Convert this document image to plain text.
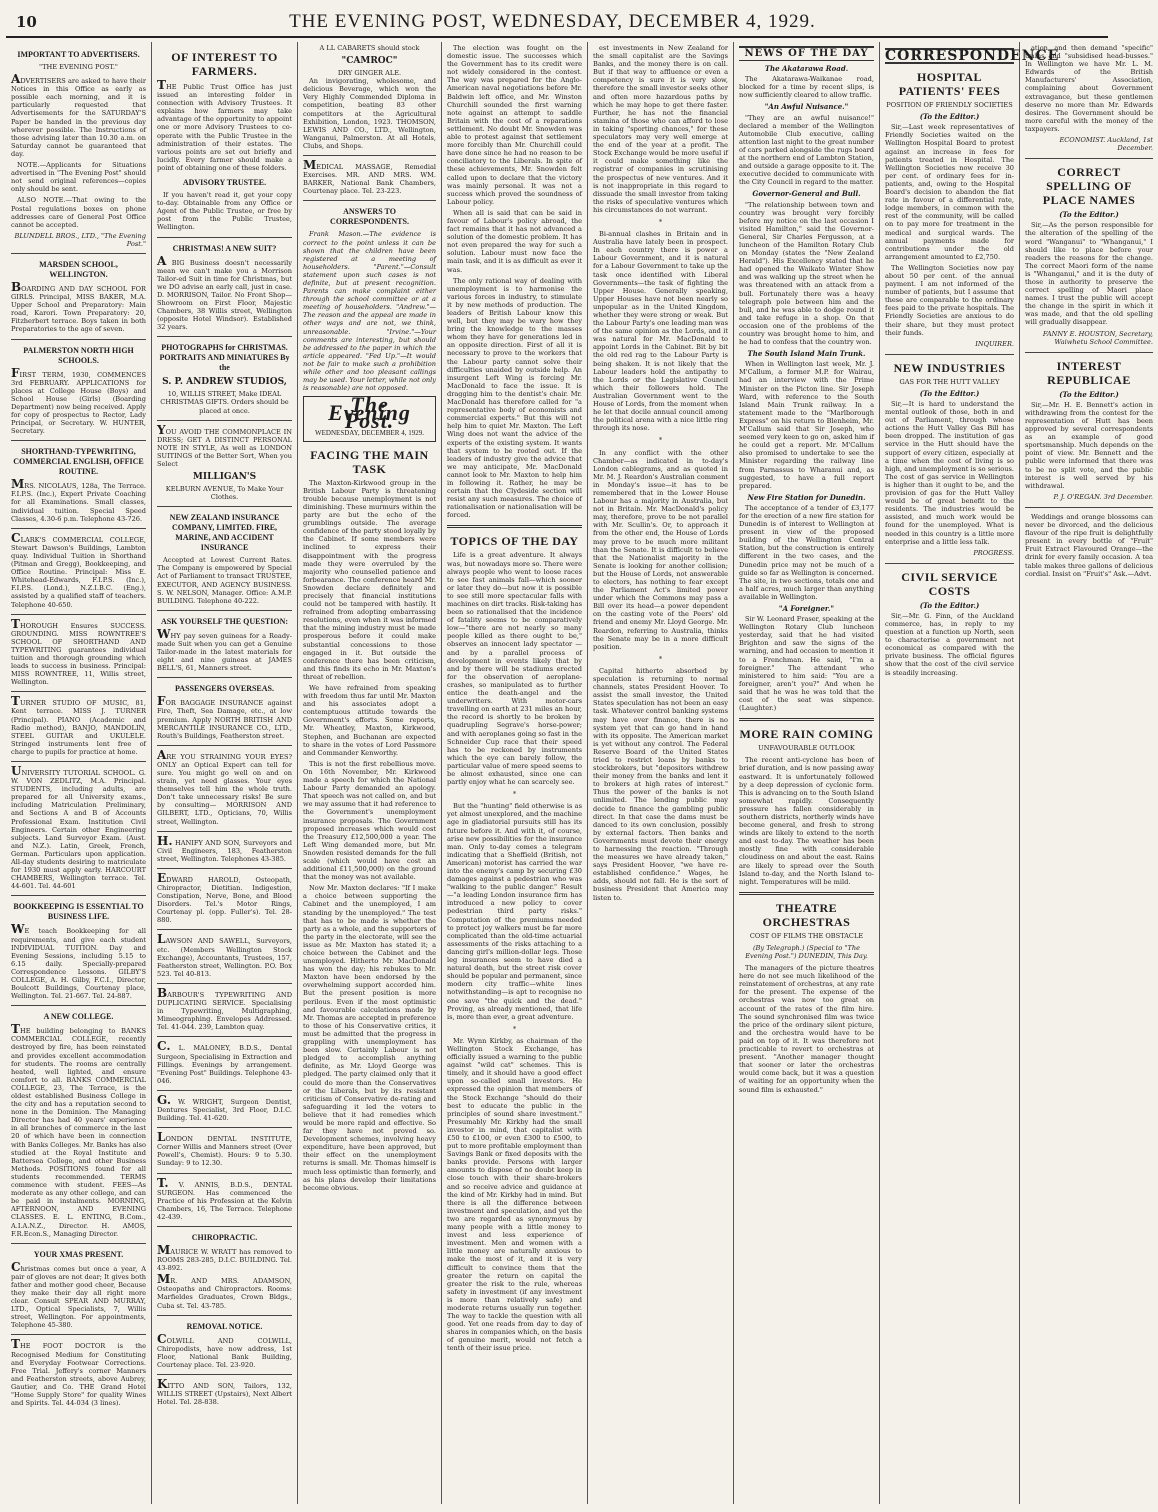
10	THE EVENING POST, WEDNESDAY, DECEMBER 4, 1929.
IMPORTANT TO ADVERTISERS.
"THE EVENING POST."

ADVERTISERS are asked to have their Notices in this Office as early as possible each morning, and it is particularly requested that Advertisements for the SATURDAY'S Paper be handed in the previous day wherever possible. The Instructions of those advising later than 10.30 a.m. on Saturday cannot be guaranteed that day.

NOTE.—Applicants for Situations advertised in "The Evening Post" should not send original references—copies only should be sent.

ALSO NOTE.—That owing to the Postal regulations boxes on phone addresses care of General Post Office cannot be accepted.

BLUNDELL BROS., LTD., "The Evening Post."
MARSDEN SCHOOL, WELLINGTON.

BOARDING AND DAY SCHOOL FOR GIRLS. Principal, MISS BAKER, M.A. Upper School and Preparatory: Main road, Karori. Town Preparatory: 20, Fitzherbert terrace. Boys taken in both Preparatories to the age of seven.

PALMERSTON NORTH HIGH SCHOOLS.

FIRST TERM, 1930, COMMENCES 3rd FEBRUARY. APPLICATIONS for places at College House (Boys) and School House (Girls) (Boarding Department) now being received. Apply for copy of prospectus to Rector, Lady Principal, or Secretary. W. HUNTER, Secretary.

SHORTHAND-TYPEWRITING, COMMERCIAL ENGLISH, OFFICE ROUTINE.

MRS. NICOLAUS, 128a, The Terrace. F.I.P.S. (Inc.), Expert Private Coaching for all Examinations. Small classes, individual tuition. Special Speed Classes, 4.30-6 p.m. Telephone 43-726.

CLARK'S COMMERCIAL COLLEGE, Stewart Dawson's Buildings, Lambton quay. Individual Tuition in Shorthand (Pitman and Gregg), Bookkeeping, and Office Routine. Principal: Miss E. Whitehead-Edwards, F.I.P.S. (Inc.), F.I.P.S. (Lond.), N.Z.I.B.C. (Eng.), assisted by a qualified staff of teachers. Telephone 40-650.

THOROUGH Ensures SUCCESS. GROUNDING. MISS ROWNTREE'S SCHOOL OF SHORTHAND AND TYPEWRITING guarantees individual tuition and thorough grounding which leads to success in business. Principal: MISS ROWNTREE, 11, Willis street, Wellington.

TURNER STUDIO OF MUSIC, 81, Kent terrace. MISS J. TURNER (Principal). PIANO (Academic and Radio method), BANJO, MANDOLIN, STEEL GUITAR and UKULELE. Stringed instruments lent free of charge to pupils for practice at home.

UNIVERSITY TUTORIAL SCHOOL. G. W. VON ZEDLITZ, M.A. Principal. STUDENTS, including adults, are prepared for all University exams., including Matriculation Preliminary, and Sections A and B of Accounts Professional Exam. Institution Civil Engineers. Certain other Engineering subjects. Land Surveyor Exam. (Aust. and N.Z.). Latin, Greek, French, German. Particulars upon application. All-day students desiring to matriculate for 1930 must apply early. HARCOURT CHAMBERS, Wellington terrace. Tel. 44-601. Tel. 44-601

BOOKKEEPING IS ESSENTIAL TO BUSINESS LIFE.

WE teach Bookkeeping for all requirements, and give each student INDIVIDUAL TUITION. Day and Evening Sessions, including 5.15 to 6.15 daily. Specially-prepared Correspondence Lessons. GILBY'S COLLEGE, A. H. Gilby, F.C.I., Director, Boulcott Buildings, Courtenay place, Wellington. Tel. 21-667. Tel. 24-887.

A NEW COLLEGE.

THE building belonging to BANKS COMMERCIAL COLLEGE, recently destroyed by fire, has been reinstated and provides excellent accommodation for students. The rooms are centrally heated, well lighted, and ensure comfort to all. BANKS COMMERCIAL COLLEGE, 23, The Terrace, is the oldest established Business College in the city and has a reputation second to none in the Dominion. The Managing Director has had 40 years' experience in all branches of commerce in the last 20 of which have been in connection with Banks Colleges. Mr. Banks has also studied at the Royal Institute and Battersea College, and other Business Methods. POSITIONS found for all students recommended. TERMS commence with student. FEES—As moderate as any other college, and can be paid in instalments. MORNING, AFTERNOON, AND EVENING CLASSES. E. L. ENTING, B.Com., A.I.A.N.Z., Director. H. AMOS, F.R.Econ.S., Managing Director.

YOUR XMAS PRESENT.

Christmas comes but once a year, A pair of gloves are not dear; It gives both father and mother good cheer, Because they make their day all right more clear. Consult SPEAR AND MURRAY, LTD., Optical Specialists, 7, Willis street, Wellington. For appointments, Telephone 45-380.

THE FOOT DOCTOR is the Recognised Medium for Constituting and Everyday Footwear Corrections. Free Trial. Jeffery's corner Manners and Featherston streets, above Aubrey, Gautier, and Co. THE Grand Hotel "Home Supply Store" for quality Wines and Spirits. Tel. 44-034 (3 lines).

OF INTEREST TO FARMERS.

THE Public Trust Office has just issued an interesting folder in connection with Advisory Trustees. It explains how farmers may take advantage of the opportunity to appoint one or more Advisory Trustees to co-operate with the Public Trustee in the administration of their estates. The various points are set out briefly and lucidly. Every farmer should make a point of obtaining one of these folders.

ADVISORY TRUSTEE.

If you haven't read it, get your copy to-day. Obtainable from any Office or Agent of the Public Trustee, or free by post from the Public Trustee, Wellington.

CHRISTMAS! A NEW SUIT?

A BIG Business doesn't necessarily mean we can't make you a Morrison Tailor-ed Suit in time for Christmas, but we DO advise an early call, just in case. D. MORRISON, Tailor. No Front Shop—Showroom on First Floor, Majestic Chambers, 38 Willis street, Wellington (opposite Hotel Windsor). Established 32 years.

PHOTOGRAPHS for CHRISTMAS. PORTRAITS AND MINIATURES By the
S. P. ANDREW STUDIOS,

10, WILLIS STREET, Make IDEAL CHRISTMAS GIFTS. Orders should be placed at once.

YOU AVOID THE COMMONPLACE IN DRESS; GET A DISTINCT PERSONAL NOTE IN STYLE, As well as LONDON SUITINGS of the Better Sort, When you Select

MILLIGAN'S

KELBURN AVENUE, To Make Your Clothes.

NEW ZEALAND INSURANCE COMPANY, LIMITED. FIRE, MARINE, AND ACCIDENT INSURANCE

Accepted at Lowest Current Rates. The Company is empowered by Special Act of Parliament to transact TRUSTEE, EXECUTOR, AND AGENCY BUSINESS. S. W. NELSON, Manager. Office: A.M.P. BUILDING. Telephone 40-222.

ASK YOURSELF THE QUESTION:

WHY pay seven guineas for a Ready-made Suit when you can get a Genuine Tailor-made in the latest materials for eight and nine guineas at JAMES BELL'S, 61, Manners street.

PASSENGERS OVERSEAS.

FOR BAGGAGE INSURANCE against Fire, Theft, Sea Damage, etc., at low premium. Apply NORTH BRITISH AND MERCANTILE INSURANCE CO., LTD., Routh's Buildings, Featherston street.

ARE YOU STRAINING YOUR EYES? ONLY an Optical Expert can tell for sure. You might go well on and on strain, yet need glasses. Your eyes themselves tell him the whole truth. Don't take unnecessary risks! Be sure by consulting— MORRISON AND GILBERT, LTD., Opticians, 70, Willis street, Wellington.

H. HANIFY AND SON, Surveyors and Civil Engineers, 183, Featherston street, Wellington. Telephones 43-385.

EDWARD HAROLD, Osteopath, Chiropractor, Dietitian. Indigestion, Constipation, Nerve, Bone, and Blood Disorders. Tel.'s Motor Rings, Courtenay pl. (opp. Fuller's). Tel. 28-880.

LAWSON AND SAWELL, Surveyors, etc. (Members Wellington Stock Exchange), Accountants, Trustees, 157, Featherston street, Wellington. P.O. Box 523. Tel 40-813.

BARBOUR'S TYPEWRITING AND DUPLICATING SERVICE. Specialising in Typewriting, Multigraphing, Mimeographing. Envelopes Addressed. Tel. 41-044. 239, Lambton quay.

C. L. MALONEY, B.D.S., Dental Surgeon, Specialising in Extraction and Fillings. Evenings by arrangement. "Evening Post" Buildings. Telephone 43-046.

G. W. WRIGHT, Surgeon Dentist, Dentures Specialist, 3rd Floor, D.I.C. Building. Tel. 41-620.

LONDON DENTAL INSTITUTE, Corner Willis and Manners street (Over Powell's, Chemist). Hours: 9 to 5.30. Sunday: 9 to 12.30.

T. V. ANNIS, B.D.S., DENTAL SURGEON. Has commenced the Practice of his Profession at the Kelvin Chambers, 16, The Terrace. Telephone 42-439.

CHIROPRACTIC.

MAURICE W. WRATT has removed to ROOMS 283-285, D.I.C. BUILDING. Tel. 43-892.

MR. AND MRS. ADAMSON, Osteopaths and Chiropractors. Rooms: Marfieldes Graduates, Crown Bldgs., Cuba st. Tel. 43-785.

REMOVAL NOTICE.

COLWILL AND COLWILL, Chiropodists, have now address, 1st Floor, National Bank Building, Courtenay place. Tel. 23-920.

KITTO AND SON, Tailors, 132, WILLIS STREET (Upstairs), Next Albert Hotel. Tel. 28-838.

A LL CABARETS should stock
"CAMROC"
DRY GINGER ALE.

An invigorating, wholesome, and delicious Beverage, which won the Very Highly Commended Diploma in competition, beating 83 other competitors at the Agricultural Exhibition, London, 1923. THOMSON, LEWIS AND CO., LTD., Wellington, Wanganui, Palmerston. At all Hotels, Clubs, and Shops.

MEDICAL MASSAGE, Remedial Exercises. MR. AND MRS. WM. BARKER, National Bank Chambers, Courtenay place. Tel. 23-223.

ANSWERS TO CORRESPONDENTS.

Frank Mason.—The evidence is correct to the point unless it can be shown that the children have been registered at a meeting of householders. "Parent."—Consult statement upon such cases is not definite, but at present recognition. Parents can make complaint either through the school committee or at a meeting of householders. "Andrew."—The reason and the appeal are made in other ways and are not, we think, unreasonable. "Irvine."—Your comments are interesting, but should be addressed to the paper in which the article appeared. "Fed Up."—It would not be fair to make such a prohibition while other and too pleasant callings may be used. Your letter, while not only is reasonable) are not opposed.

The Evening Post.
WEDNESDAY, DECEMBER 4, 1929.
FACING THE MAIN TASK

The Maxton-Kirkwood group in the British Labour Party is threatening trouble because unemployment is not diminishing. These murmurs within the party are but the echo of the grumblings outside. The average confidence of the party stood loyally by the Cabinet. If some members were inclined to express their disappointment with the progress made they were overruled by the majority who counselled patience and forbearance. The conference heard Mr. Snowden declare definitely and precisely that financial institutions could not be tampered with hastily. It refrained from adopting embarrassing resolutions, even when it was informed that the mining industry must be made prosperous before it could make substantial concessions to those engaged in it. But outside the conference there has been criticism, and this finds its echo in Mr. Maxton's threat of rebellion.

We have refrained from speaking with freedom thus far until Mr. Maxton and his associates adopt a contemptuous attitude towards the Government's efforts. Some reports, Mr. Wheatley, Maxton, Kirkwood, Stephen, and Buchanan are expected to share in the votes of Lord Passmore and Commander Kenworthy.

This is not the first rebellious move. On 16th November, Mr. Kirkwood made a speech for which the National Labour Party demanded an apology. That speech was not called on, and but we may assume that it had reference to the Government's unemployment insurance proposals. The Government proposed increases which would cost the Treasury £12,500,000 a year. The Left Wing demanded more, but Mr. Snowden resisted demands for the full scale (which would have cost an additional £11,500,000) on the ground that the money was not available.

Now Mr. Maxton declares: "If I make a choice between supporting the Cabinet and the unemployed, I am standing by the unemployed." The test that has to be made is whether the party as a whole, and the supporters of the party in the electorate, will see the issue as Mr. Maxton has stated it; a choice between the Cabinet and the unemployed. Hitherto Mr. MacDonald has won the day; his rebukes to Mr. Maxton have been endorsed by the overwhelming support accorded him. But the present position is more perilous. Even if the most optimistic and favourable calculations made by Mr. Thomas are accepted in preference to those of his Conservative critics, it must be admitted that the progress in grappling with unemployment has been slow. Certainly Labour is not pledged to accomplish anything definite, as Mr. Lloyd George was pledged. The party claimed only that it could do more than the Conservatives or the Liberals, but by its resistant criticism of Conservative de-rating and safeguarding it led the voters to believe that it had remedies which would be more rapid and effective. So far they have not proved so. Development schemes, involving heavy expenditure, have been approved, but their effect on the unemployment returns is small. Mr. Thomas himself is much less optimistic than formerly, and as his plans develop their limitations become obvious.

The election was fought on the domestic issue. The successes which the Government has to its credit were not widely considered in the contest. The way was prepared for the Anglo-American naval negotiations before Mr. Baldwin left office, and Mr. Winston Churchill sounded the first warning note against an attempt to saddle Britain with the cost of a reparations settlement. No doubt Mr. Snowden was able to protest against that settlement more forcibly than Mr. Churchill could have done since he had no reason to be conciliatory to the Liberals. In spite of these achievements, Mr. Snowden felt called upon to declare that the victory was mainly personal. It was not a success which proved the soundness of Labour policy.

When all is said that can be said in favour of Labour's policy abroad, the fact remains that it has not advanced a solution of the domestic problem. It has not even prepared the way for such a solution. Labour must now face the main task, and it is as difficult as ever it was.

The only rational way of dealing with unemployment is to harmonise the various forces in industry, to stimulate it by new methods of production. The leaders of British Labour know this well, but they may be wary how they bring the knowledge to the masses whom they have for generations led in an opposite direction. First of all it is necessary to prove to the workers that the Labour party cannot solve their difficulties unaided by outside help. An insurgent Left Wing is forcing Mr. MacDonald to face the issue. It is dragging him to the dentist's chair. Mr. MacDonald has therefore called for "a representative body of economists and commercial experts." But this will not help him to quiet Mr. Maxton. The Left Wing does not want the advice of the experts of the existing system. It wants that system to be rooted out. If the leaders of industry give the advice that we may anticipate, Mr. MacDonald cannot look to Mr. Maxton to help him in following it. Rather, he may be certain that the Clydeside section will resist any such measures. The choice of rationalisation or nationalisation will be forced.

TOPICS OF THE DAY

Life is a great adventure. It always was, but nowadays more so. There were always people who went to loose races to see fast animals fall—which sooner or later they do—but now it is possible to see still more spectacular falls with machines on dirt tracks. Risk-taking has been so rationalised that the incidence of fatality seems to be comparatively low—"there are not nearly so many people killed as there ought to be," observes an innocent lady spectator —and by a parallel process of development in events likely that by and by there will be stadiums erected for the observation of aeroplane-crashes, so manipulated as to further entice the death-angel and the underwriters. With motor-cars travelling on earth at 231 miles an hour, the record is shortly to be broken by quadrupling Segrave's horse-power; and with aeroplanes going so fast in the Schneider Cup race that their speed has to be reckoned by instruments which the eye can barely follow, the particular value of mere speed seems to be almost exhausted, since one can partly enjoy what he can scarcely see.

*

But the "hunting" field otherwise is as yet almost unexplored, and the machine age in gladiatorial pursuits still has its future before it. And with it, of course, arise new possibilities for the insurance man. Only to-day comes a telegram indicating that a Sheffield (British, not American) motorist has carried the war into the enemy's camp by securing £30 damages against a pedestrian who was "walking to the public danger." Result—"a leading London insurance firm has introduced a new policy to cover pedestrian third party risks." Computation of the premiums needed to protect joy walkers must be far more complicated than the old-time actuarial assessments of the risks attaching to a dancing girl's million-dollar legs. Those leg insurances seem to have died a natural death, but the street risk cover should be popular and permanent, since modern city traffic—white lines notwithstanding—is apt to recognise no one save "the quick and the dead." Proving, as already mentioned, that life is, more than ever, a great adventure.

*

Mr. Wynn Kirkby, as chairman of the Wellington Stock Exchange, has officially issued a warning to the public against "wild cat" schemes. This is timely, and it should have a good effect upon so-called small investors. He expressed the opinion that members of the Stock Exchange "should do their best to educate the public in the principles of sound share investment." Presumably Mr. Kirkby had the small investor in mind, that capitalist with £50 to £100, or even £300 to £500, to put to more profitable employment than Savings Bank or fixed deposits with the banks provide. Persons with larger amounts to dispose of no doubt keep in close touch with their share-brokers and so receive advice and guidance at the kind of Mr. Kirkby had in mind. But there is all the difference between investment and speculation, and yet the two are regarded as synonymous by many people with a little money to invest and less experience of investment. Men and women with a little money are naturally anxious to make the most of it, and it is very difficult to convince them that the greater the return on capital the greater the risk to the rule, whereas safety in investment (if any investment is more than relatively safe) and moderate returns usually run together. The way to tackle the question with all good. Yet one reads from day to day of shares in companies which, on the basis of genuine merit, would not fetch a tenth of their issue price.

est investments in New Zealand for the small capitalist are the Savings Banks, and the money there is on call. But if that way to affluence or even a competency is sure it is very slow, therefore the small investor seeks other and often more hazardous paths by which he may hope to get there faster. Further, he has not the financial stamina of those who can afford to lose in taking "sporting chances," for these speculators may very well emerge at the end of the year at a profit. The Stock Exchange would be more useful if it could make something like the registrar of companies in scrutinising the prospectus of new ventures. And it is not inappropriate in this regard to dissuade the small investor from taking the risks of speculative ventures which his circumstances do not warrant.

*

Bi-annual clashes in Britain and in Australia have lately been in prospect. In each country there is power a Labour Government, and it is natural for a Labour Government to take up the task once identified with Liberal Governments—the task of fighting the Upper House. Generally speaking, Upper Houses have not been nearly so unpopular as in the United Kingdom, whether they were strong or weak. But the Labour Party's one leading man was of the same opinion as the Lords, and it was natural for Mr. MacDonald to appoint Lords in the Cabinet. Bit by bit the old red rag to the Labour Party is being shaken. It is not likely that the Labour leaders hold the antipathy to the Lords or the Legislative Council which their followers hold. The Australian Government went to the House of Lords, from the moment when he let that docile annual council among the political arena with a nice little ring through its nose.

*

In any conflict with the other Chamber—as indicated in to-day's London cablegrams, and as quoted in Mr. M. J. Reardon's Australian comment in Monday's issue—it has to be remembered that in the Lower House Labour has a majority in Australia, but not in Britain. Mr. MacDonald's policy may, therefore, prove to be not parallel with Mr. Scullin's. Or, to approach it from the other end, the House of Lords may prove to be much more militant than the Senate. It is difficult to believe that the Nationalist majority in the Senate is looking for another collision; but the House of Lords, not answerable to electors, has nothing to fear except the Parliament Act's limited power under which the Commons may pass a Bill over its head—a power dependent on the casting vote of the Peers' old friend and enemy Mr. Lloyd George. Mr. Reardon, referring to Australia, thinks the Senate may be in a more difficult position.

*

Capital hitherto absorbed by speculation is returning to normal channels, states President Hoover. To assist the small investor, the United States speculation has not been an easy task. Whatever control banking systems may have over finance, there is no system yet that can go hand in hand with its opposite. The American market is yet without any control. The Federal Reserve Board of the United States tried to restrict loans by banks to stockbrokers, but "depositors withdrew their money from the banks and lent it to brokers at high rates of interest." Thus the power of the banks is not unlimited. The lending public may decide to finance the gambling public direct. In that case the dams must be danced to its own conclusion, possibly by external factors. Then banks and Governments must devote their energy to harnessing the reaction. "Through the measures we have already taken," says President Hoover, "we have re-established confidence." Wages, he adds, should not fall. He is the sort of business President that America may listen to.

NEWS OF THE DAY
The Akatarawa Road.

The Akatarawa-Waikanae road, blocked for a time by recent slips, is now sufficiently cleared to allow traffic.

"An Awful Nuisance."

"They are an awful nuisance!" declared a member of the Wellington Automobile Club executive, calling attention last night to the great number of cars parked alongside the rugs board at the northern end of Lambton Station, and outside a garage opposite to it. The executive decided to communicate with the City Council in regard to the matter.

Governor-General and Bull.

"The relationship between town and country was brought very forcibly before my notice on the last occasion I visited Hamilton," said the Governor-General, Sir Charles Fergusson, at a luncheon of the Hamilton Rotary Club on Monday (states the "New Zealand Herald"). His Excellency stated that he had opened the Waikato Winter Show and was walking up the street when he was threatened with an attack from a bull. Fortunately there was a heavy telegraph pole between him and the bull, and he was able to dodge round it and take refuge in a shop. On that occasion one of the problems of the country was brought home to him, and he had to confess that the country won.

The South Island Main Trunk.

When in Wellington last week, Mr. J. M'Callum, a former M.P. for Wairau, had an interview with the Prime Minister on the Picton line. Sir Joseph Ward, with reference to the South Island Main Trunk railway. In a statement made to the "Marlborough Express" on his return to Blenheim, Mr. M'Callum said that Sir Joseph, who seemed very keen to go on, asked him if he could get a report. Mr. M'Callum also promised to undertake to see the Minister regarding the railway line from Parnassus to Wharanui and, as suggested, to have a full report prepared.

New Fire Station for Dunedin.

The acceptance of a tender of £3,177 for the erection of a new fire station for Dunedin is of interest to Wellington at present in view of the proposed building of the Wellington Central Station, but the construction is entirely different in the two cases, and the Dunedin price may not be much of a guide so far as Wellington is concerned. The site, in two sections, totals one and a half acres, much larger than anything available in Wellington.

"A Foreigner."

Sir W. Leonard Fraser, speaking at the Wellington Rotary Club luncheon yesterday, said that he had visited Brighton and saw the signs of the warning, and had occasion to mention it to a Frenchman. He said, "I'm a foreigner." The attendant who ministered to him said: "You are a foreigner, aren't you?" And when he said that he was he was told that the cost of the seat was sixpence. (Laughter.)

MORE RAIN COMING
UNFAVOURABLE OUTLOOK

The recent anti-cyclone has been of brief duration, and is now passing away eastward. It is unfortunately followed by a deep depression of cyclonic form. This is advancing on to the South Island somewhat rapidly. Consequently pressure has fallen considerably in southern districts, northerly winds have become general, and fresh to strong winds are likely to extend to the north and east to-day. The weather has been mostly fine with considerable cloudiness on and about the east. Rains are likely to spread over the South Island to-day, and the North Island to-night. Temperatures will be mild.

THEATRE ORCHESTRAS
COST OF FILMS THE OBSTACLE
(By Telegraph.) (Special to "The Evening Post.") DUNEDIN, This Day.

The managers of the picture theatres here do not see much likelihood of the reinstatement of orchestras, at any rate for the present. The expense of the orchestras was now too great on account of the rates of the film hire. The sound synchronised film was twice the price of the ordinary silent picture, and the orchestra would have to be paid on top of it. It was therefore not practicable to revert to orchestras at present. "Another manager thought that sooner or later the orchestras would come back, but it was a question of waiting for an opportunity when the sound film is exhausted."

CORRESPONDENCE
HOSPITAL PATIENTS' FEES
POSITION OF FRIENDLY SOCIETIES
(To the Editor.)

Sir,—Last week representatives of Friendly Societies waited on the Wellington Hospital Board to protest against an increase in fees for patients treated in Hospital. The Wellington Societies now receive 30 per cent. of ordinary fees for in-patients, and, owing to the Hospital Board's decision to abandon the flat rate in favour of a differential rate, lodge members, in common with the rest of the community, will be called on to pay more for treatment in the medical and surgical wards. The annual payments made for contributions under the old arrangement amounted to £2,750.

The Wellington Societies now pay about 50 per cent. of the annual payment. I am not informed of the number of patients, but I assume that these are comparable to the ordinary fees paid to the private hospitals. The Friendly Societies are anxious to do their share, but they must protect their funds.

INQUIRER.
NEW INDUSTRIES
GAS FOR THE HUTT VALLEY
(To the Editor.)

Sir,—It is hard to understand the mental outlook of those, both in and out of Parliament, through whose actions the Hutt Valley Gas Bill has been dropped. The institution of gas service in the Hutt should have the support of every citizen, especially at a time when the cost of living is so high, and unemployment is so serious. The cost of gas service in Wellington is higher than it ought to be, and the provision of gas for the Hutt Valley would be of great benefit to the residents. The industries would be assisted, and much work would be found for the unemployed. What is needed in this country is a little more enterprise and a little less talk.

PROGRESS.
CIVIL SERVICE COSTS
(To the Editor.)

Sir,—Mr. G. Finn, of the Auckland commerce, has, in reply to my question at a function up North, seen to characterise a government not economical as compared with the private business. The official figures show that the cost of the civil service is steadily increasing.

ation, and then demand "specific" trains and "subsidised head-busses." In Wellington we have Mr. L. M. Edwards of the British Manufacturers' Association, complaining about Government extravagance, but these gentlemen deserve no more than Mr. Edwards desires. The Government should be more careful with the money of the taxpayers.

ECONOMIST. Auckland, 1st December.
CORRECT SPELLING OF PLACE NAMES
(To the Editor.)

Sir,—As the person responsible for the alteration of the spelling of the word "Wanganui" to "Whanganui," I should like to place before your readers the reasons for the change. The correct Maori form of the name is "Whanganui," and it is the duty of those in authority to preserve the correct spelling of Maori place names. I trust the public will accept the change in the spirit in which it was made, and that the old spelling will gradually disappear.

FANNY E. HOUSTON, Secretary, Waiwhetu School Committee.
INTEREST REPUBLICAE
(To the Editor.)

Sir,—Mr. H. E. Bennett's action in withdrawing from the contest for the representation of Hutt has been approved by several correspondents as an example of good sportsmanship. Much depends on the point of view. Mr. Bennett and the public were informed that there was to be no split vote, and the public interest is well served by his withdrawal.

P. J. O'REGAN. 3rd December.

Weddings and orange blossoms can never be divorced, and the delicious flavour of the ripe fruit is delightfully present in every bottle of "Fruit" Fruit Extract Flavoured Orange—the drink for every family occasion. A tea table makes three gallons of delicious cordial. Insist on "Fruit's" Ask.—Advt.
